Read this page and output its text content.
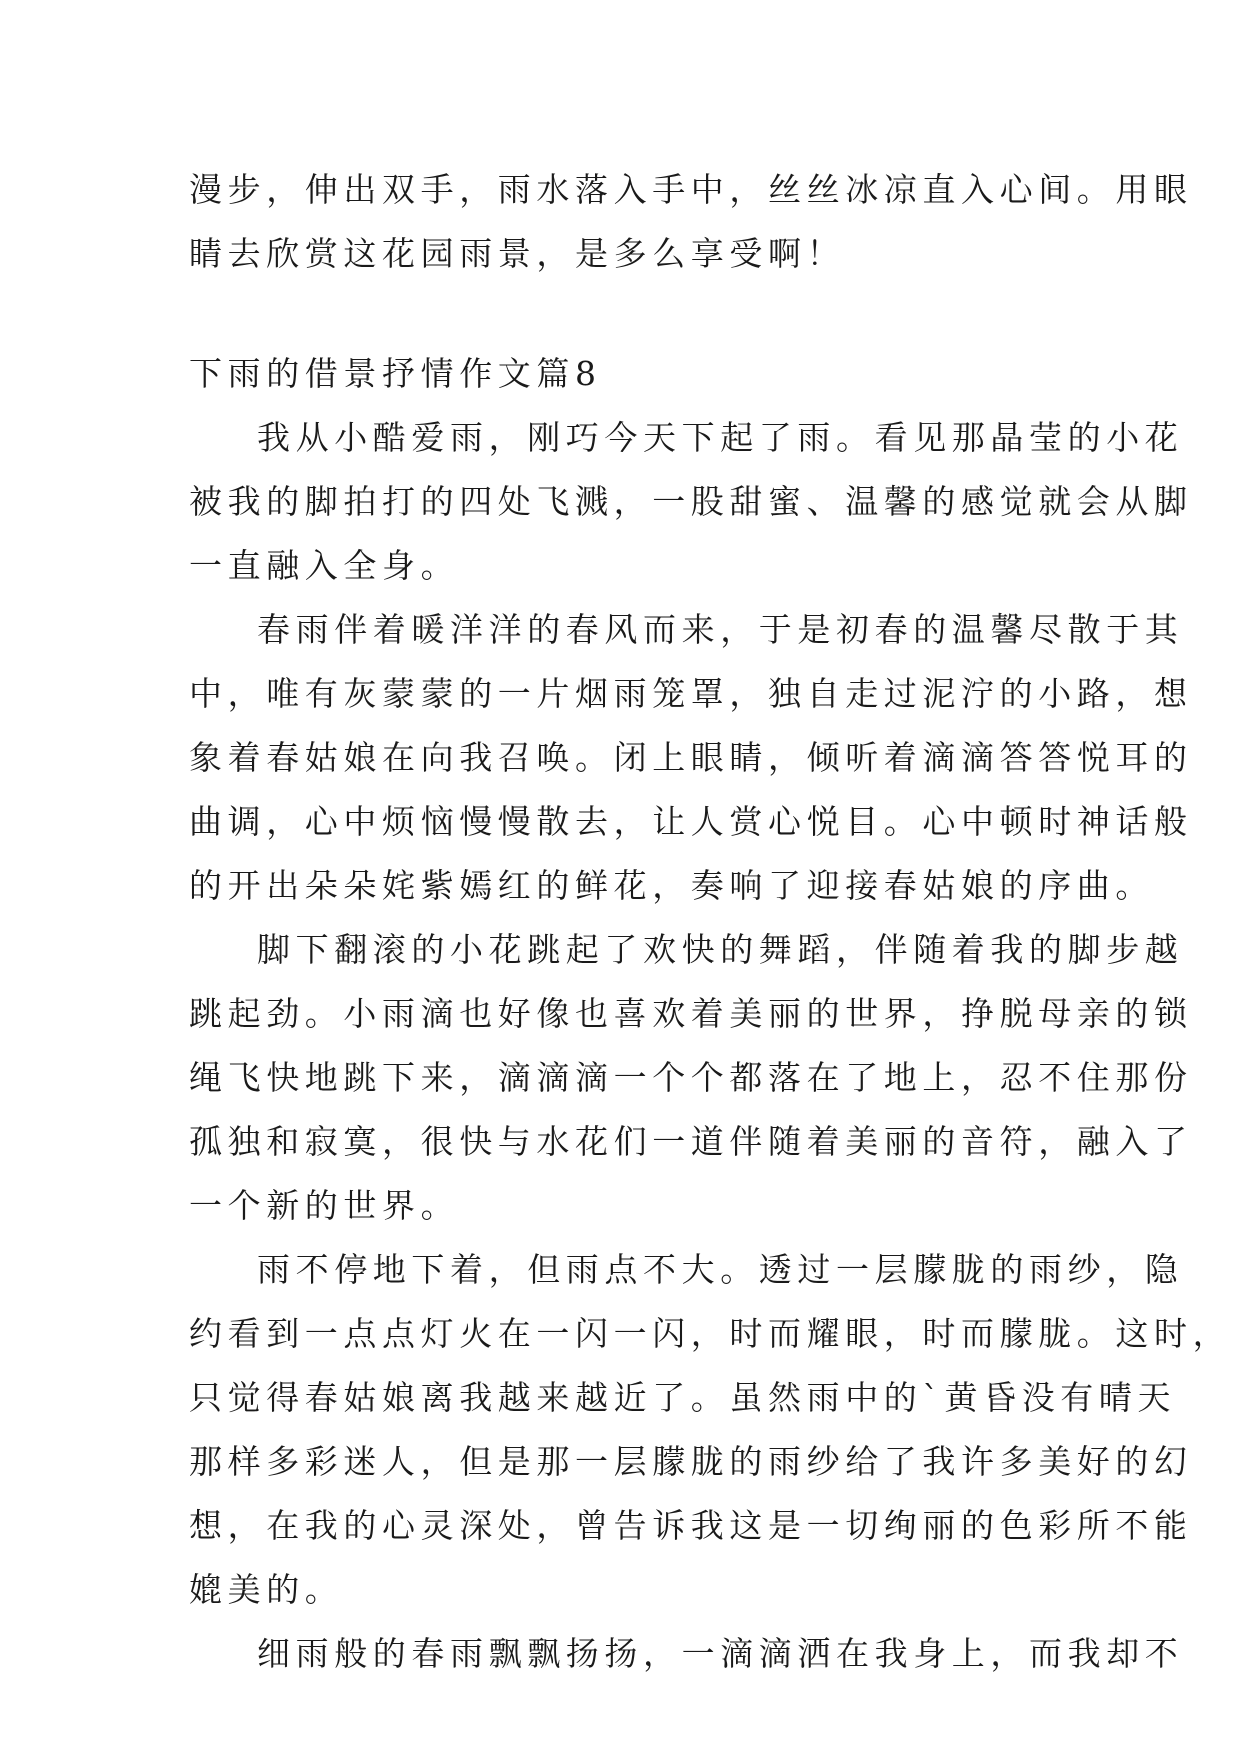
漫步，伸出双手，雨水落入手中，丝丝冰凉直入心间。用眼
睛去欣赏这花园雨景，是多么享受啊！
下雨的借景抒情作文篇8
我从小酷爱雨，刚巧今天下起了雨。看见那晶莹的小花
被我的脚拍打的四处飞溅，一股甜蜜、温馨的感觉就会从脚
一直融入全身。
春雨伴着暖洋洋的春风而来，于是初春的温馨尽散于其
中，唯有灰蒙蒙的一片烟雨笼罩，独自走过泥泞的小路，想
象着春姑娘在向我召唤。闭上眼睛，倾听着滴滴答答悦耳的
曲调，心中烦恼慢慢散去，让人赏心悦目。心中顿时神话般
的开出朵朵姹紫嫣红的鲜花，奏响了迎接春姑娘的序曲。
脚下翻滚的小花跳起了欢快的舞蹈，伴随着我的脚步越
跳起劲。小雨滴也好像也喜欢着美丽的世界，挣脱母亲的锁
绳飞快地跳下来，滴滴滴一个个都落在了地上，忍不住那份
孤独和寂寞，很快与水花们一道伴随着美丽的音符，融入了
一个新的世界。
雨不停地下着，但雨点不大。透过一层朦胧的雨纱，隐
约看到一点点灯火在一闪一闪，时而耀眼，时而朦胧。这时，
只觉得春姑娘离我越来越近了。虽然雨中的`黄昏没有晴天
那样多彩迷人，但是那一层朦胧的雨纱给了我许多美好的幻
想，在我的心灵深处，曾告诉我这是一切绚丽的色彩所不能
媲美的。
细雨般的春雨飘飘扬扬，一滴滴洒在我身上，而我却不
